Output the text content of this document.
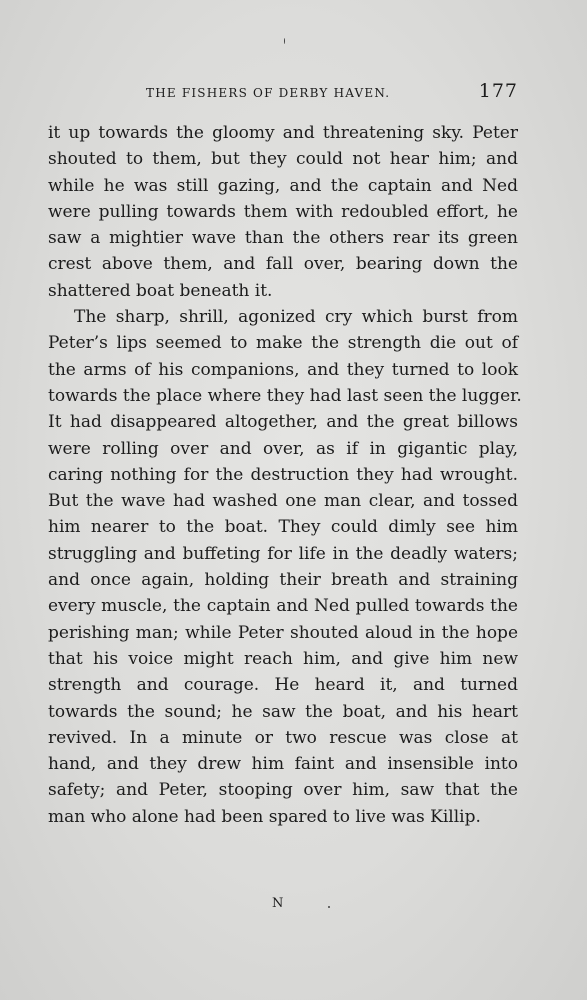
THE FISHERS OF DERBY HAVEN.	177
it up towards the gloomy and threatening sky. Peter
shouted to them, but they could not hear him; and
while he was still gazing, and the captain and Ned
were pulling towards them with redoubled effort, he
saw a mightier wave than the others rear its green
crest above them, and fall over, bearing down the
shattered boat beneath it.
The sharp, shrill, agonized cry which burst from
Peter’s lips seemed to make the strength die out of
the arms of his companions, and they turned to look
towards the place where they had last seen the lugger.
It had disappeared altogether, and the great billows
were rolling over and over, as if in gigantic play,
caring nothing for the destruction they had wrought.
But the wave had washed one man clear, and tossed
him nearer to the boat. They could dimly see him
struggling and buffeting for life in the deadly waters;
and once again, holding their breath and straining
every muscle, the captain and Ned pulled towards the
perishing man; while Peter shouted aloud in the hope
that his voice might reach him, and give him new
strength and courage. He heard it, and turned
towards the sound; he saw the boat, and his heart
revived. In a minute or two rescue was close at
hand, and they drew him faint and insensible into
safety; and Peter, stooping over him, saw that the
man who alone had been spared to live was Killip.
N
